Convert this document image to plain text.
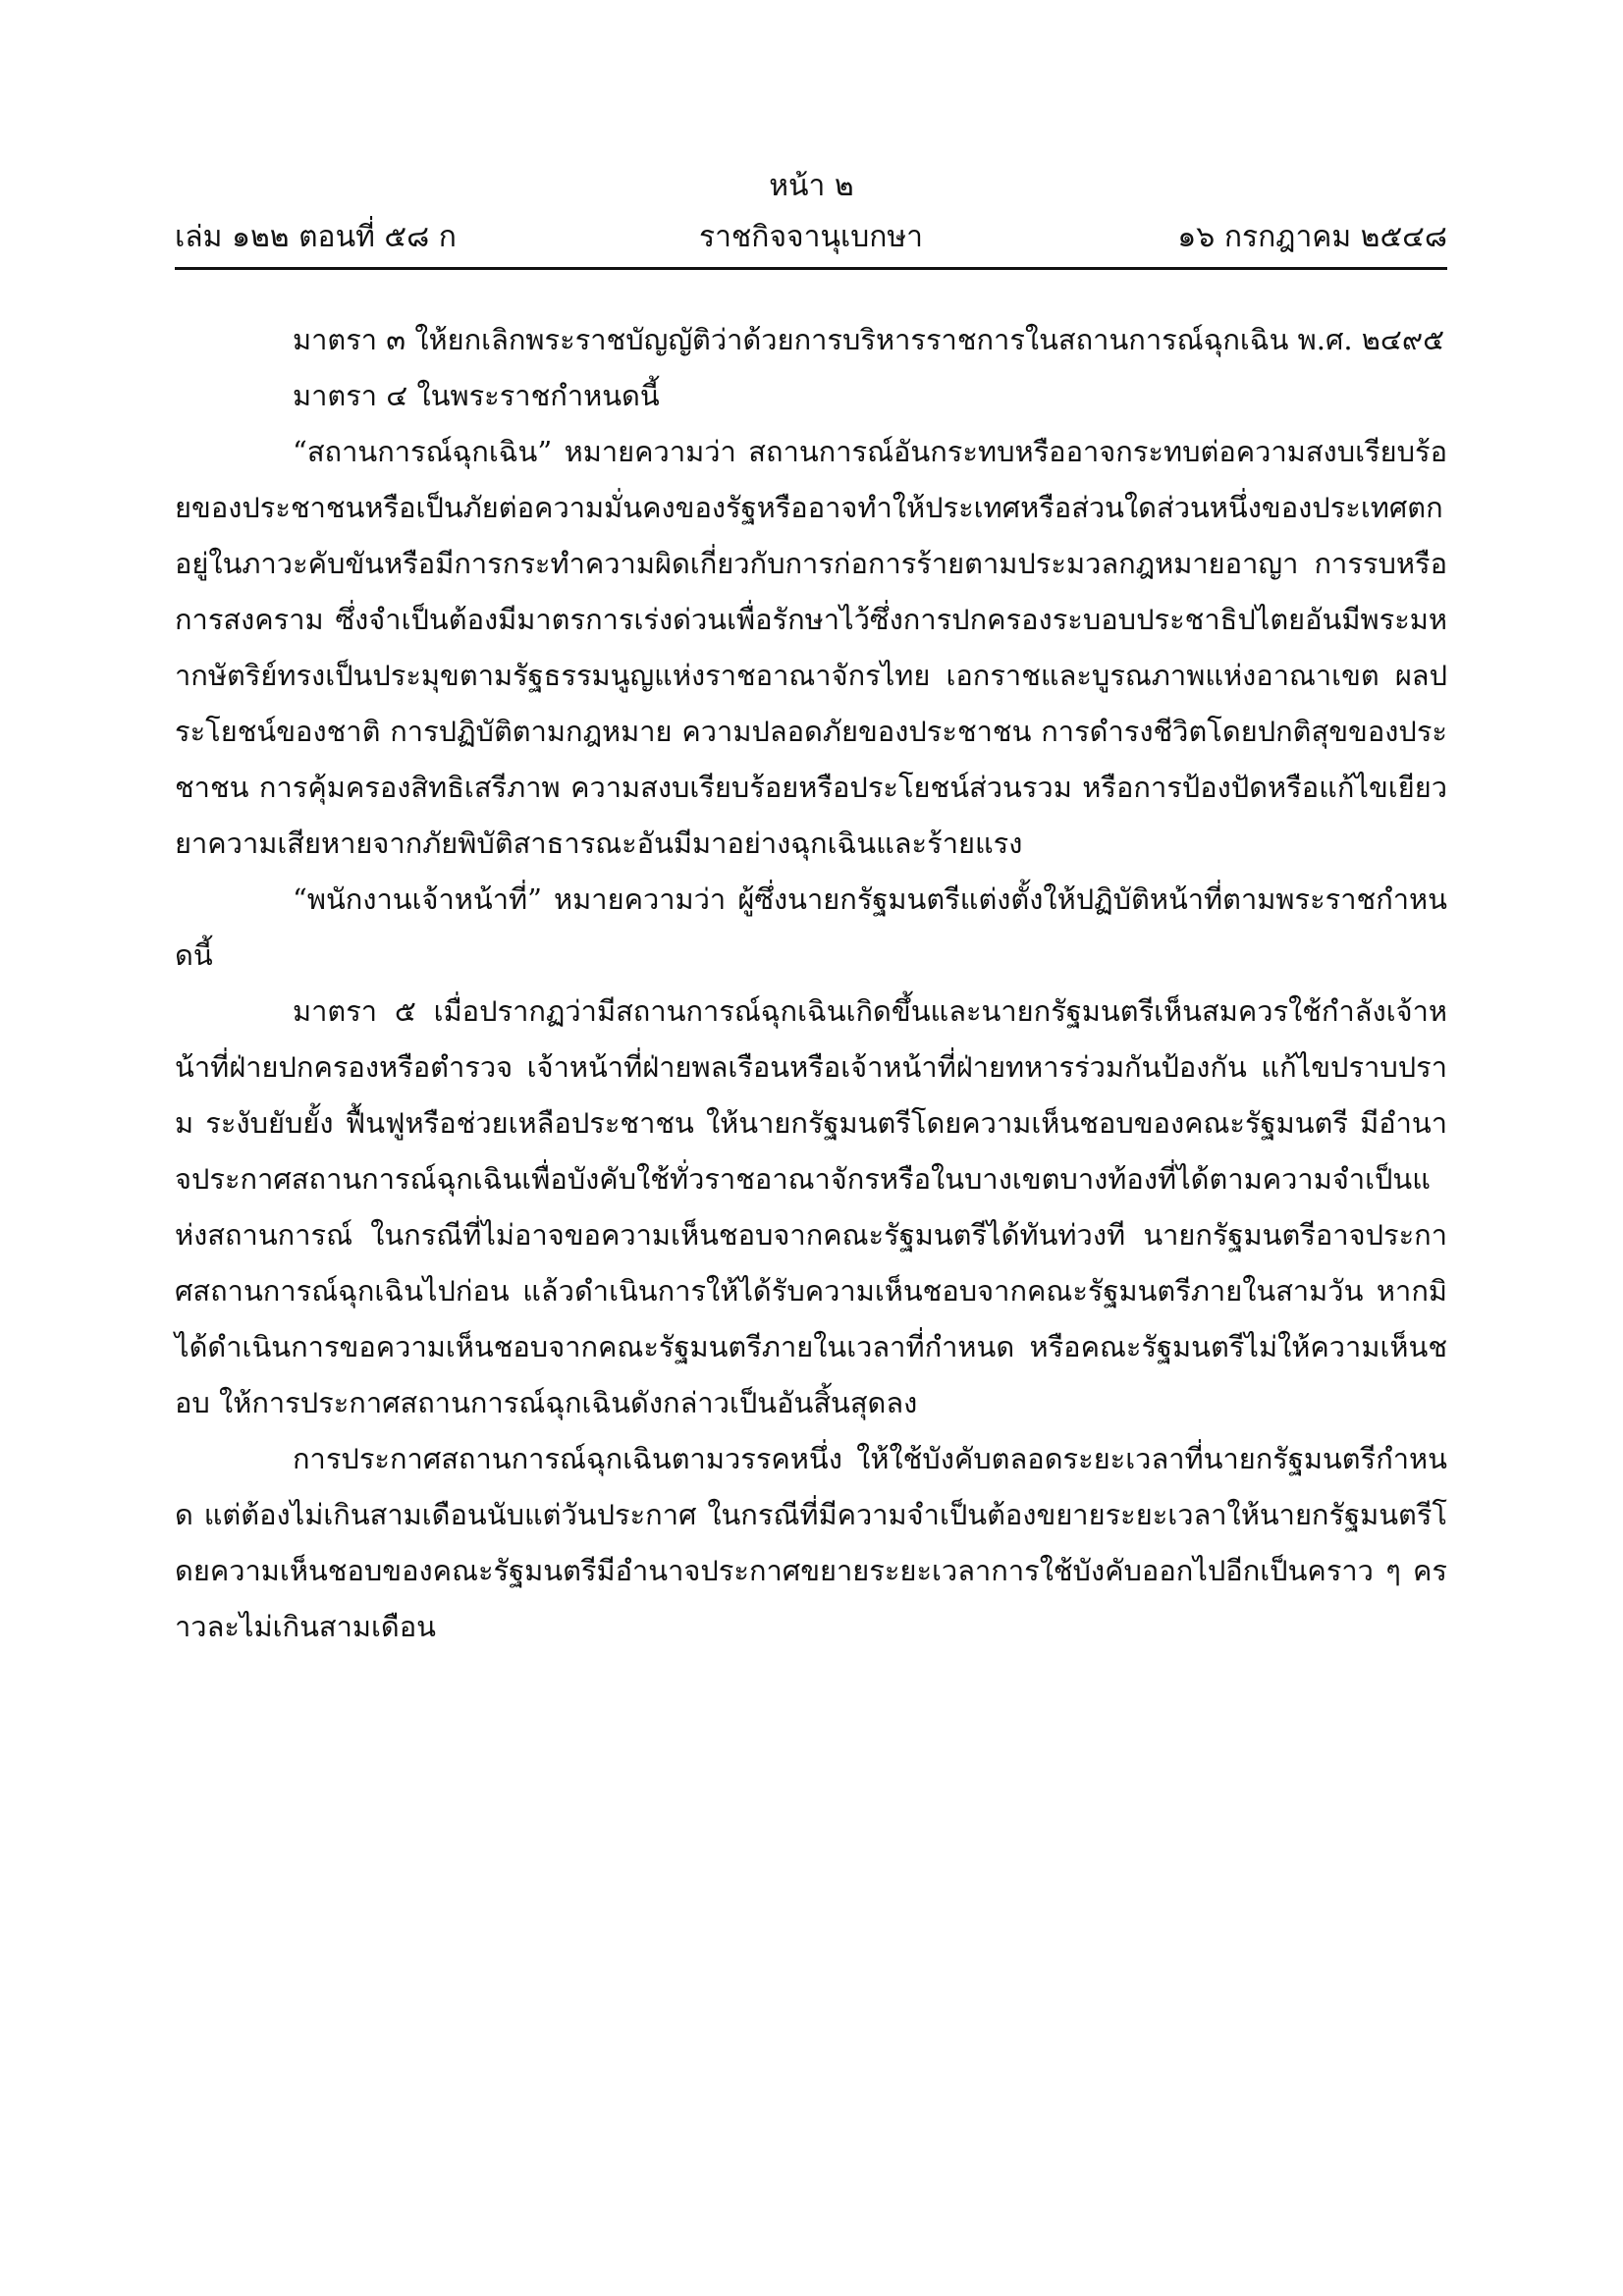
หน้า ๒
ราชกิจจานุเบกษา
เล่ม ๑๒๒ ตอนที่ ๕๘ ก	๑๖ กรกฎาคม ๒๕๔๘

มาตรา ๓ ให้ยกเลิกพระราชบัญญัติว่าด้วยการบริหารราชการในสถานการณ์ฉุกเฉิน พ.ศ. ๒๔๙๕

มาตรา ๔ ในพระราชกำหนดนี้

“สถานการณ์ฉุกเฉิน” หมายความว่า สถานการณ์อันกระทบหรืออาจกระทบต่อความสงบเรียบร้อยของประชาชนหรือเป็นภัยต่อความมั่นคงของรัฐหรืออาจทำให้ประเทศหรือส่วนใดส่วนหนึ่งของประเทศตกอยู่ในภาวะคับขันหรือมีการกระทำความผิดเกี่ยวกับการก่อการร้ายตามประมวลกฎหมายอาญา การรบหรือการสงคราม ซึ่งจำเป็นต้องมีมาตรการเร่งด่วนเพื่อรักษาไว้ซึ่งการปกครองระบอบประชาธิปไตยอันมีพระมหากษัตริย์ทรงเป็นประมุขตามรัฐธรรมนูญแห่งราชอาณาจักรไทย เอกราชและบูรณภาพแห่งอาณาเขต ผลประโยชน์ของชาติ การปฏิบัติตามกฎหมาย ความปลอดภัยของประชาชน การดำรงชีวิตโดยปกติสุขของประชาชน การคุ้มครองสิทธิเสรีภาพ ความสงบเรียบร้อยหรือประโยชน์ส่วนรวม หรือการป้องปัดหรือแก้ไขเยียวยาความเสียหายจากภัยพิบัติสาธารณะอันมีมาอย่างฉุกเฉินและร้ายแรง

“พนักงานเจ้าหน้าที่” หมายความว่า ผู้ซึ่งนายกรัฐมนตรีแต่งตั้งให้ปฏิบัติหน้าที่ตามพระราชกำหนดนี้

มาตรา ๕ เมื่อปรากฏว่ามีสถานการณ์ฉุกเฉินเกิดขึ้นและนายกรัฐมนตรีเห็นสมควรใช้กำลังเจ้าหน้าที่ฝ่ายปกครองหรือตำรวจ เจ้าหน้าที่ฝ่ายพลเรือนหรือเจ้าหน้าที่ฝ่ายทหารร่วมกันป้องกัน แก้ไขปราบปราม ระงับยับยั้ง ฟื้นฟูหรือช่วยเหลือประชาชน ให้นายกรัฐมนตรีโดยความเห็นชอบของคณะรัฐมนตรี มีอำนาจประกาศสถานการณ์ฉุกเฉินเพื่อบังคับใช้ทั่วราชอาณาจักรหรือในบางเขตบางท้องที่ได้ตามความจำเป็นแห่งสถานการณ์ ในกรณีที่ไม่อาจขอความเห็นชอบจากคณะรัฐมนตรีได้ทันท่วงที นายกรัฐมนตรีอาจประกาศสถานการณ์ฉุกเฉินไปก่อน แล้วดำเนินการให้ได้รับความเห็นชอบจากคณะรัฐมนตรีภายในสามวัน หากมิได้ดำเนินการขอความเห็นชอบจากคณะรัฐมนตรีภายในเวลาที่กำหนด หรือคณะรัฐมนตรีไม่ให้ความเห็นชอบ ให้การประกาศสถานการณ์ฉุกเฉินดังกล่าวเป็นอันสิ้นสุดลง

การประกาศสถานการณ์ฉุกเฉินตามวรรคหนึ่ง ให้ใช้บังคับตลอดระยะเวลาที่นายกรัฐมนตรีกำหนด แต่ต้องไม่เกินสามเดือนนับแต่วันประกาศ ในกรณีที่มีความจำเป็นต้องขยายระยะเวลาให้นายกรัฐมนตรีโดยความเห็นชอบของคณะรัฐมนตรีมีอำนาจประกาศขยายระยะเวลาการใช้บังคับออกไปอีกเป็นคราว ๆ คราวละไม่เกินสามเดือน
